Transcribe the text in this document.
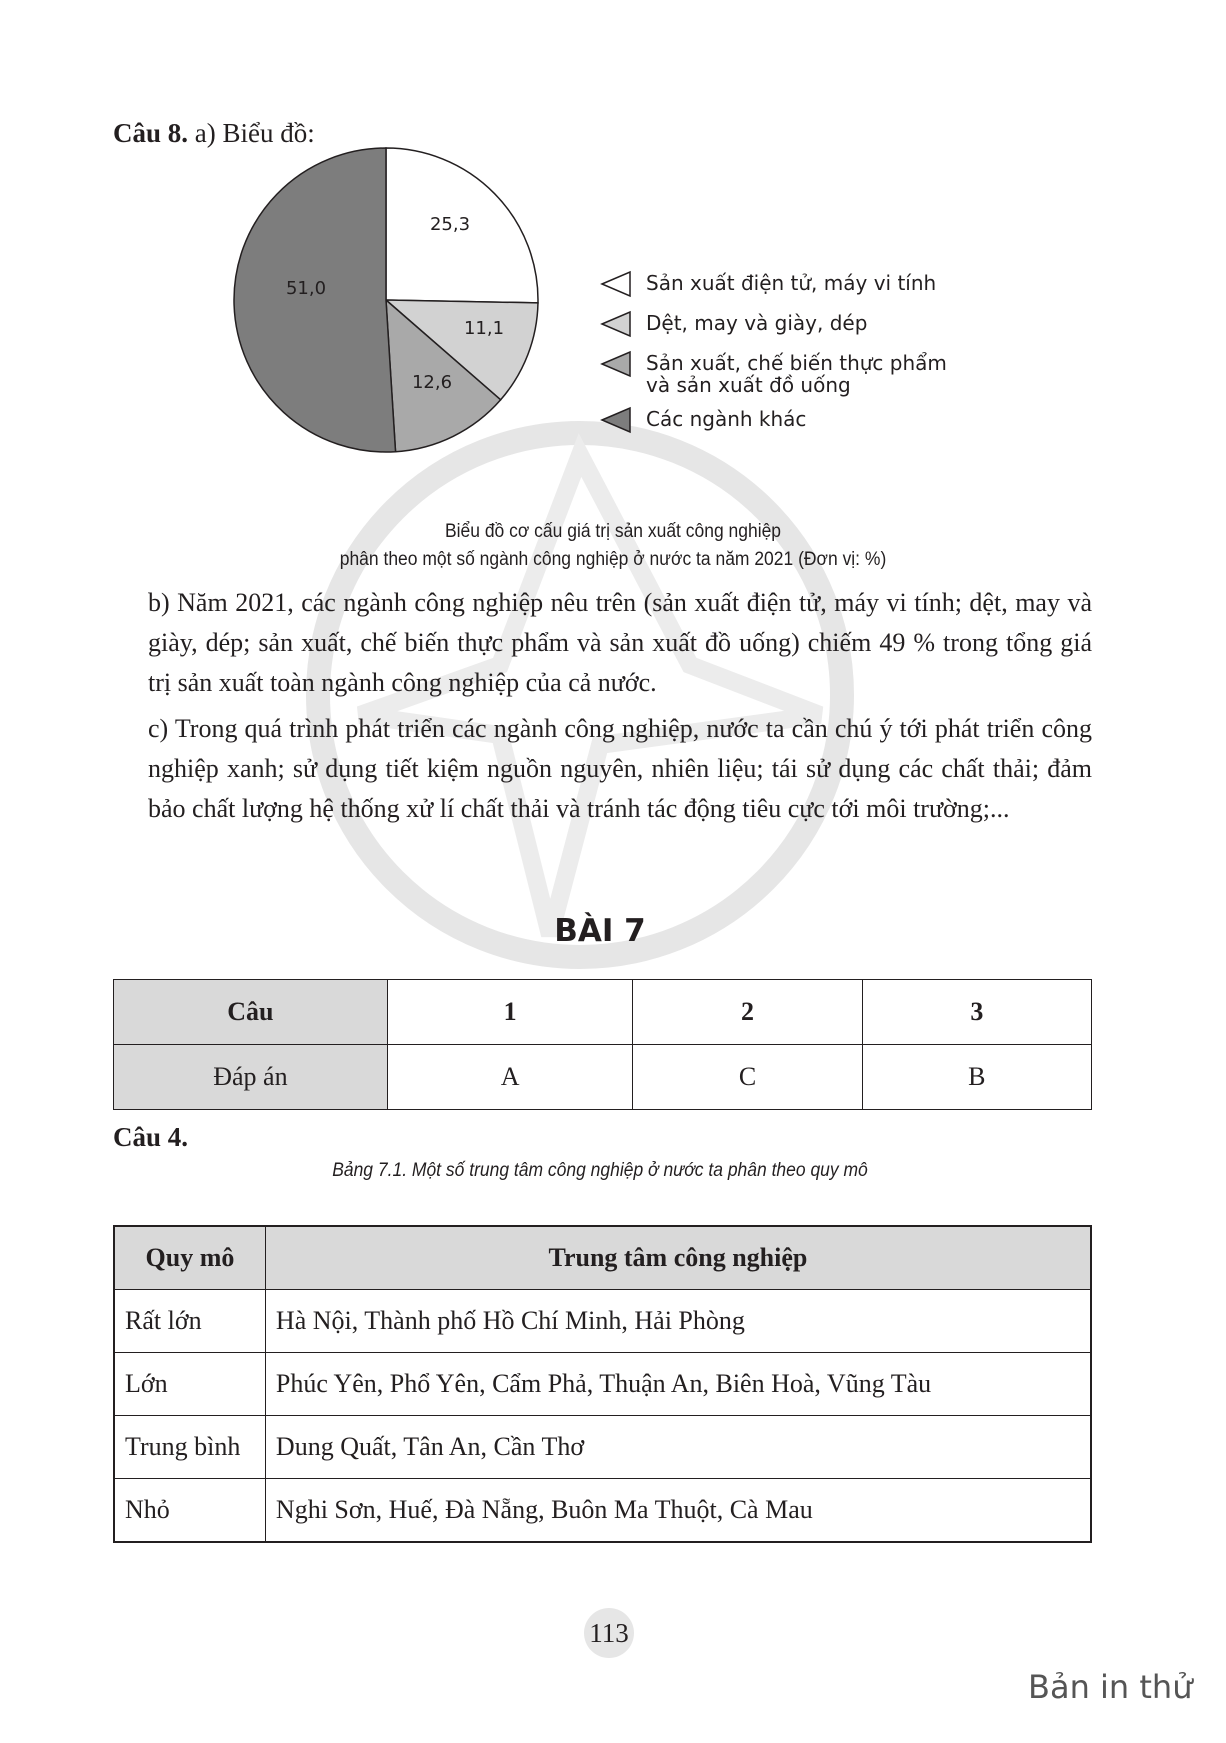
Câu 8. a) Biểu đồ:
25,3
11,1
12,6
51,0	Sản xuất điện tử, máy vi tính
Dệt, may và giày, dép
Sản xuất, chế biến thực phẩm
và sản xuất đồ uống
Các ngành khác
Biểu đồ cơ cấu giá trị sản xuất công nghiệp
phân theo một số ngành công nghiệp ở nước ta năm 2021 (Đơn vị: %)
b) Năm 2021, các ngành công nghiệp nêu trên (sản xuất điện tử, máy vi tính; dệt, may và giày, dép; sản xuất, chế biến thực phẩm và sản xuất đồ uống) chiếm 49 % trong tổng giá trị sản xuất toàn ngành công nghiệp của cả nước.
c) Trong quá trình phát triển các ngành công nghiệp, nước ta cần chú ý tới phát triển công nghiệp xanh; sử dụng tiết kiệm nguồn nguyên, nhiên liệu; tái sử dụng các chất thải; đảm bảo chất lượng hệ thống xử lí chất thải và tránh tác động tiêu cực tới môi trường;...
BÀI 7
Câu	1	2	3
Đáp án	A	C	B
Câu 4.
Bảng 7.1. Một số trung tâm công nghiệp ở nước ta phân theo quy mô
Quy mô	Trung tâm công nghiệp
Rất lớn	Hà Nội, Thành phố Hồ Chí Minh, Hải Phòng
Lớn	Phúc Yên, Phổ Yên, Cẩm Phả, Thuận An, Biên Hoà, Vũng Tàu
Trung bình	Dung Quất, Tân An, Cần Thơ
Nhỏ	Nghi Sơn, Huế, Đà Nẵng, Buôn Ma Thuột, Cà Mau
113
Bản in thử
